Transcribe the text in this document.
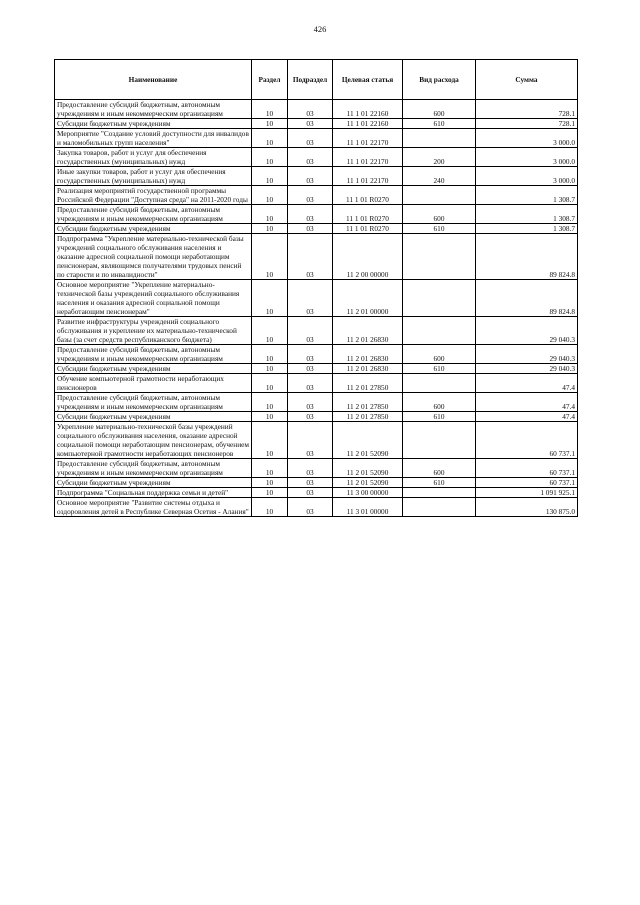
426
Наименование	Раздел	Подраздел	Целевая статья	Вид расхода	Сумма
Предоставление субсидий бюджетным, автономным учреждениям и иным некоммерческим организациям	10	03	11 1 01 22160	600	728.1
Субсидии бюджетным учреждениям	10	03	11 1 01 22160	610	728.1
Мероприятие "Создание условий доступности для инвалидов и маломобильных групп населения"	10	03	11 1 01 22170		3 000.0
Закупка товаров, работ и услуг для обеспечения государственных (муниципальных) нужд	10	03	11 1 01 22170	200	3 000.0
Иные закупки товаров, работ и услуг для обеспечения государственных (муниципальных) нужд	10	03	11 1 01 22170	240	3 000.0
Реализация мероприятий государственной программы Российской Федерации "Доступная среда" на 2011-2020 годы	10	03	11 1 01 R0270		1 308.7
Предоставление субсидий бюджетным, автономным учреждениям и иным некоммерческим организациям	10	03	11 1 01 R0270	600	1 308.7
Субсидии бюджетным учреждениям	10	03	11 1 01 R0270	610	1 308.7
Подпрограмма "Укрепление материально-технической базы учреждений социального обслуживания населения и оказание адресной социальной помощи неработающим пенсионерам, являющимся получателями трудовых пенсий по старости и по инвалидности"	10	03	11 2 00 00000		89 824.8
Основное мероприятие "Укрепление материально-технической базы учреждений социального обслуживания населения и оказания адресной социальной помощи неработающим пенсионерам"	10	03	11 2 01 00000		89 824.8
Развитие инфраструктуры учреждений социального обслуживания и укрепление их материально-технической базы (за счет средств республиканского бюджета)	10	03	11 2 01 26830		29 040.3
Предоставление субсидий бюджетным, автономным учреждениям и иным некоммерческим организациям	10	03	11 2 01 26830	600	29 040.3
Субсидии бюджетным учреждениям	10	03	11 2 01 26830	610	29 040.3
Обучение компьютерной грамотности неработающих пенсионеров	10	03	11 2 01 27850		47.4
Предоставление субсидий бюджетным, автономным учреждениям и иным некоммерческим организациям	10	03	11 2 01 27850	600	47.4
Субсидии бюджетным учреждениям	10	03	11 2 01 27850	610	47.4
Укрепление материально-технической базы учреждений социального обслуживания населения, оказание адресной социальной помощи неработающим пенсионерам, обучением компьютерной грамотности неработающих пенсионеров	10	03	11 2 01 52090		60 737.1
Предоставление субсидий бюджетным, автономным учреждениям и иным некоммерческим организациям	10	03	11 2 01 52090	600	60 737.1
Субсидии бюджетным учреждениям	10	03	11 2 01 52090	610	60 737.1
Подпрограмма "Социальная поддержка семьи и детей"	10	03	11 3 00 00000		1 091 925.1
Основное мероприятие "Развитие системы отдыха и оздоровления детей в Республике Северная Осетия - Алания"	10	03	11 3 01 00000		130 875.0
